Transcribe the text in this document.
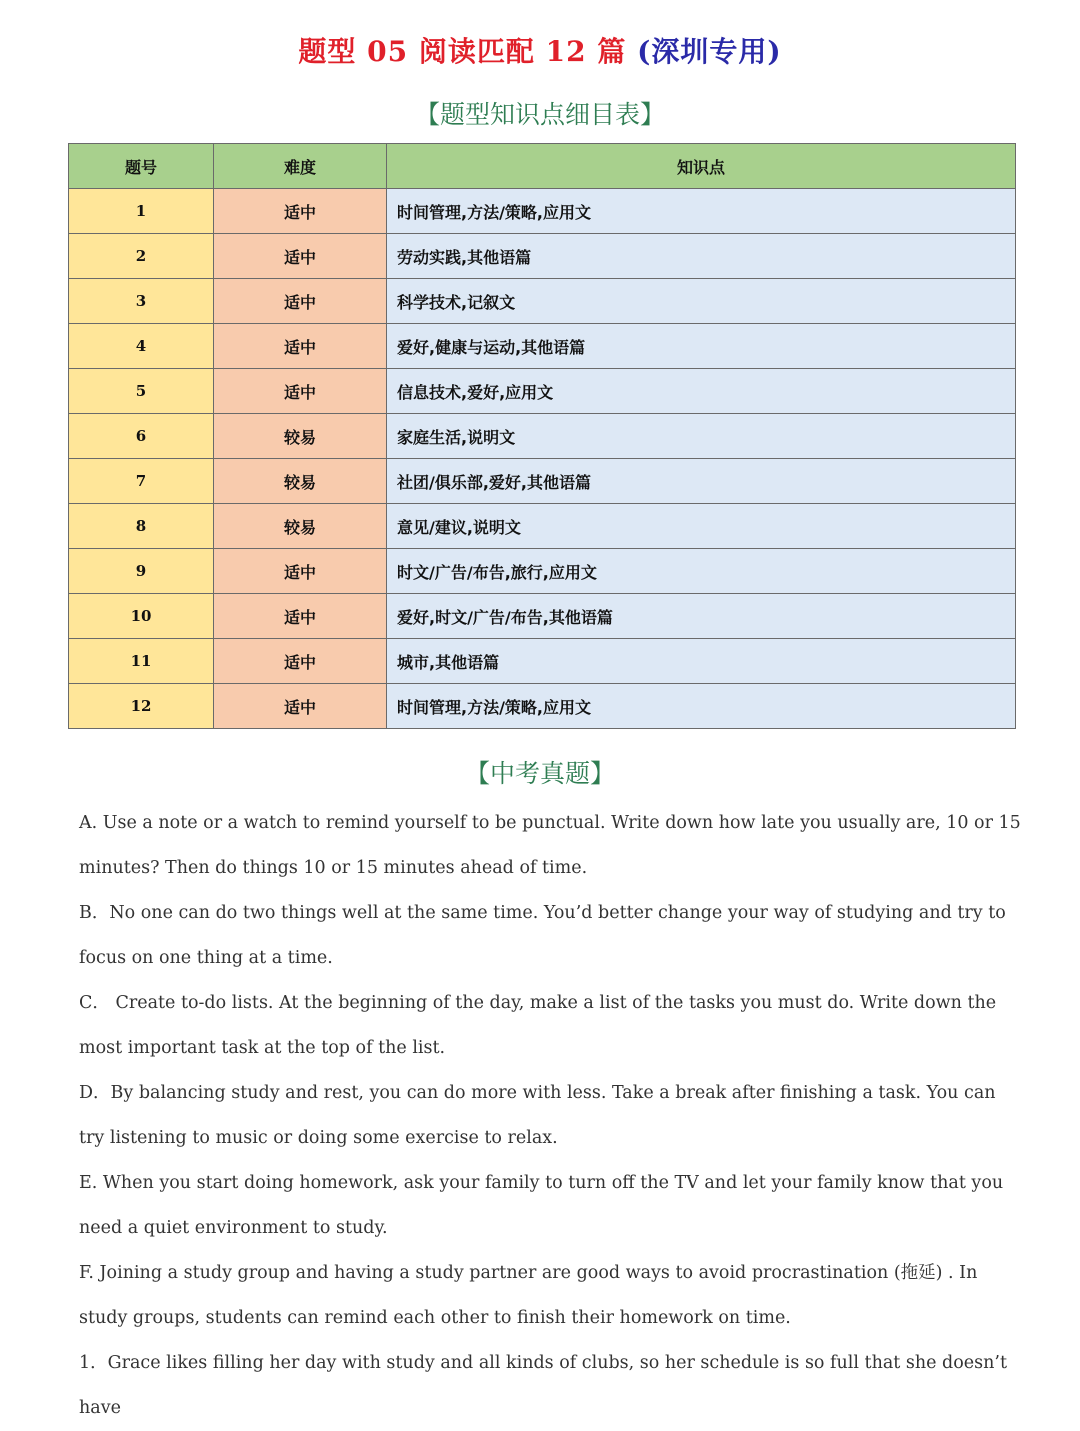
题型 05 阅读匹配 12 篇 (深圳专用)
【题型知识点细目表】
题号	难度	知识点
1	适中	时间管理,方法/策略,应用文
2	适中	劳动实践,其他语篇
3	适中	科学技术,记叙文
4	适中	爱好,健康与运动,其他语篇
5	适中	信息技术,爱好,应用文
6	较易	家庭生活,说明文
7	较易	社团/俱乐部,爱好,其他语篇
8	较易	意见/建议,说明文
9	适中	时文/广告/布告,旅行,应用文
10	适中	爱好,时文/广告/布告,其他语篇
11	适中	城市,其他语篇
12	适中	时间管理,方法/策略,应用文
【中考真题】

A. Use a note or a watch to remind yourself to be punctual. Write down how late you usually are, 10 or 15 minutes? Then do things 10 or 15 minutes ahead of time.

B．No one can do two things well at the same time. You’d better change your way of studying and try to focus on one thing at a time.

C． Create to-do lists. At the beginning of the day, make a list of the tasks you must do. Write down the most important task at the top of the list.

D．By balancing study and rest, you can do more with less. Take a break after finishing a task. You can try listening to music or doing some exercise to relax.

E. When you start doing homework, ask your family to turn off the TV and let your family know that you need a quiet environment to study.

F. Joining a study group and having a study partner are good ways to avoid procrastination (拖延) . In study groups, students can remind each other to finish their homework on time.

1．Grace likes filling her day with study and all kinds of clubs, so her schedule is so full that she doesn’t have
